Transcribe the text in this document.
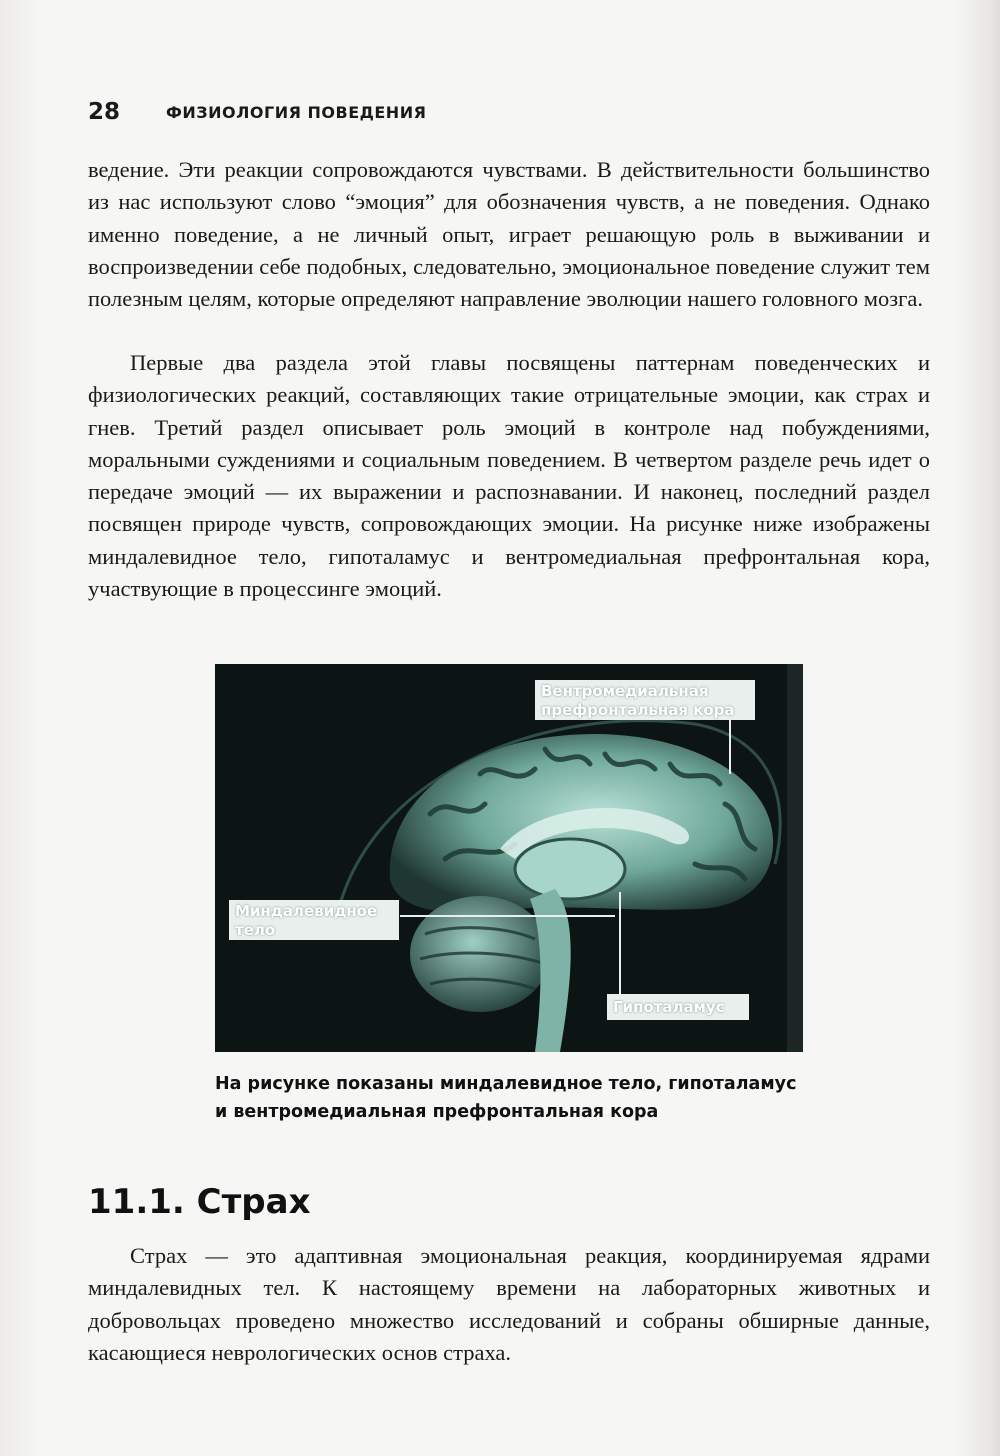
28	ФИЗИОЛОГИЯ ПОВЕДЕНИЯ

ведение. Эти реакции сопровождаются чувствами. В действительности большинство из нас используют слово “эмоция” для обозначения чувств, а не поведения. Однако именно поведение, а не личный опыт, играет решающую роль в выживании и воспроизведении себе подобных, следовательно, эмоциональное поведение служит тем полезным целям, которые определяют направление эволюции нашего головного мозга.

Первые два раздела этой главы посвящены паттернам поведенческих и физиологических реакций, составляющих такие отрицательные эмоции, как страх и гнев. Третий раздел описывает роль эмоций в контроле над побуждениями, моральными суждениями и социальным поведением. В четвертом разделе речь идет о передаче эмоций — их выражении и распознавании. И наконец, последний раздел посвящен природе чувств, сопровождающих эмоции. На рисунке ниже изображены миндалевидное тело, гипоталамус и вентромедиальная префронтальная кора, участвующие в процессинге эмоций.

Вентромедиальная
префронтальная кора
Миндалевидное
тело
Гипоталамус
На рисунке показаны миндалевидное тело, гипоталамус
и вентромедиальная префронтальная кора
11.1. Страх

Страх — это адаптивная эмоциональная реакция, координируемая ядрами миндалевидных тел. К настоящему времени на лабораторных животных и добровольцах проведено множество исследований и собраны обширные данные, касающиеся неврологических основ страха.
